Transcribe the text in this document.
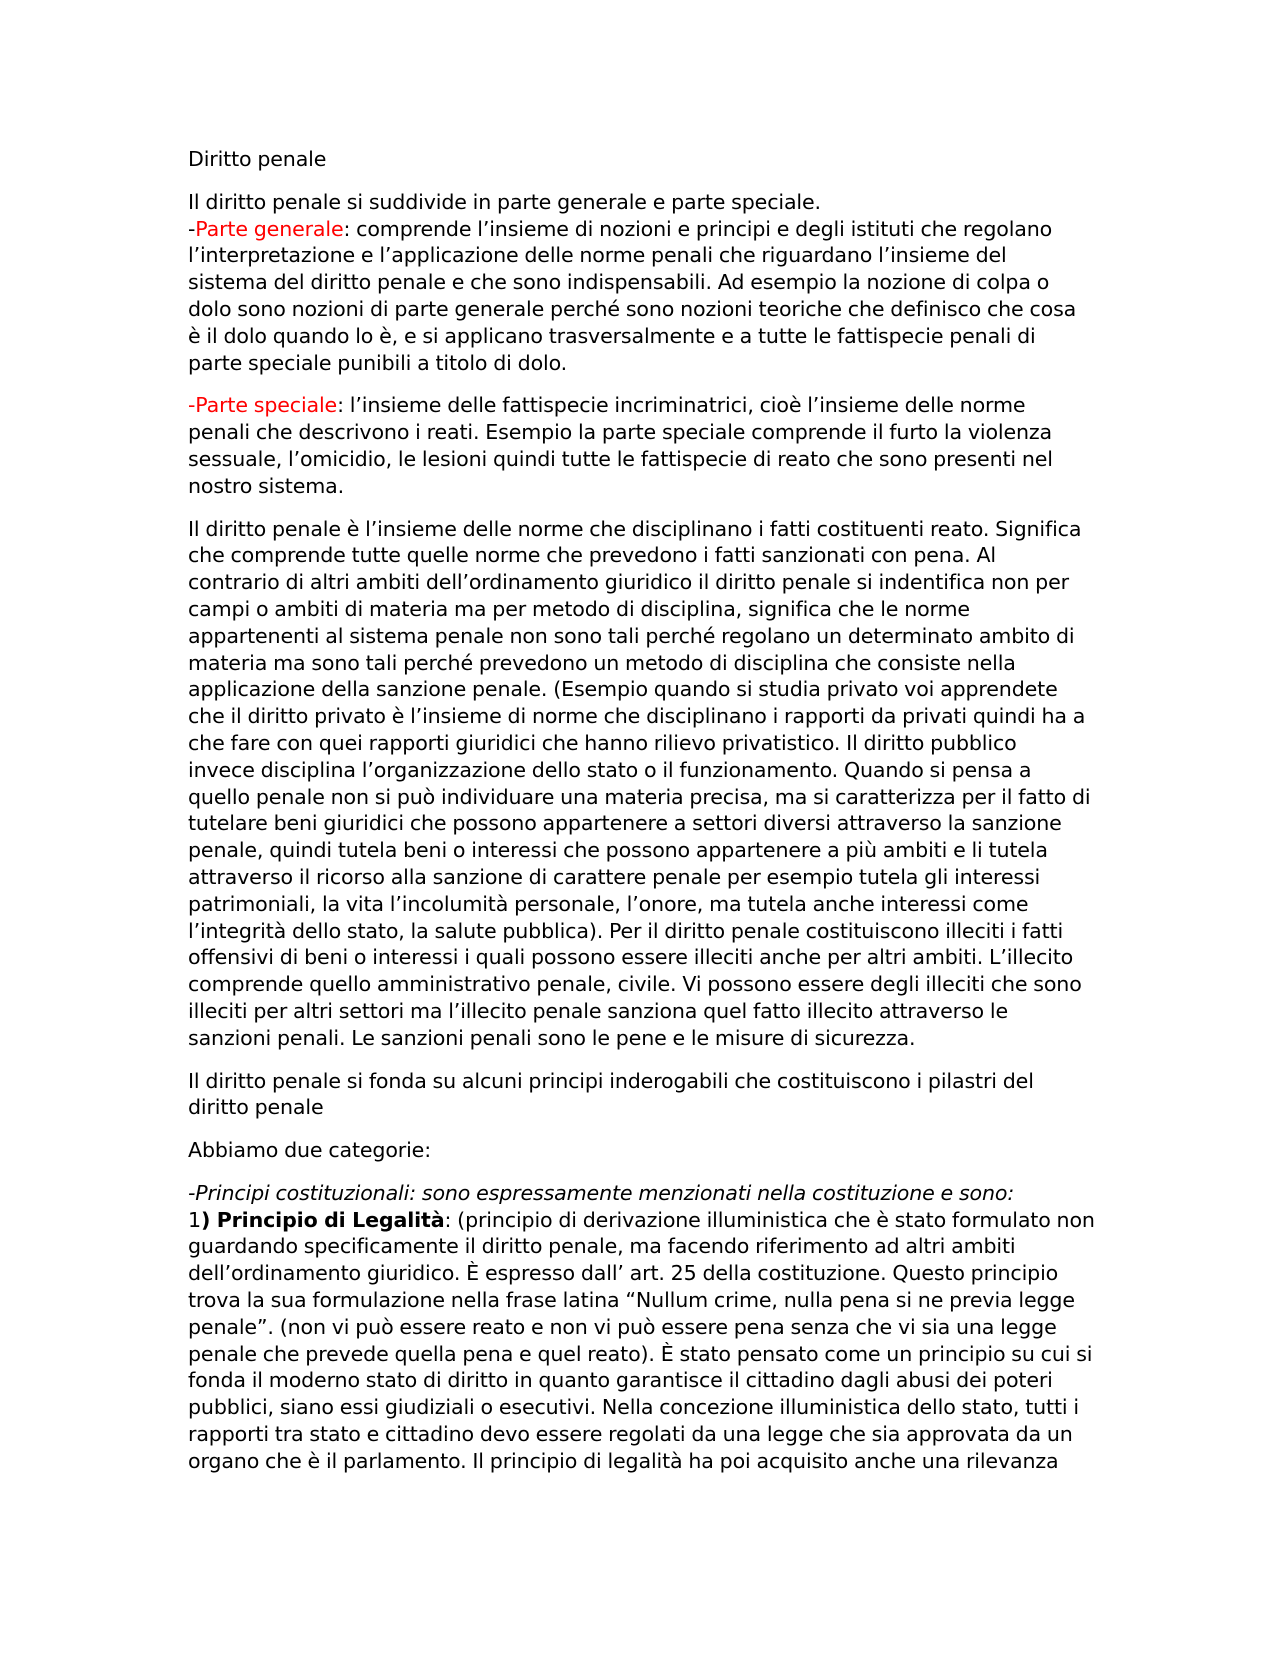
Diritto penale

Il diritto penale si suddivide in parte generale e parte speciale.
-Parte generale: comprende l’insieme di nozioni e principi e degli istituti che regolano
l’interpretazione e l’applicazione delle norme penali che riguardano l’insieme del
sistema del diritto penale e che sono indispensabili. Ad esempio la nozione di colpa o
dolo sono nozioni di parte generale perché sono nozioni teoriche che definisco che cosa
è il dolo quando lo è, e si applicano trasversalmente e a tutte le fattispecie penali di
parte speciale punibili a titolo di dolo.

-Parte speciale: l’insieme delle fattispecie incriminatrici, cioè l’insieme delle norme
penali che descrivono i reati. Esempio la parte speciale comprende il furto la violenza
sessuale, l’omicidio, le lesioni quindi tutte le fattispecie di reato che sono presenti nel
nostro sistema.

Il diritto penale è l’insieme delle norme che disciplinano i fatti costituenti reato. Significa
che comprende tutte quelle norme che prevedono i fatti sanzionati con pena. Al
contrario di altri ambiti dell’ordinamento giuridico il diritto penale si indentifica non per
campi o ambiti di materia ma per metodo di disciplina, significa che le norme
appartenenti al sistema penale non sono tali perché regolano un determinato ambito di
materia ma sono tali perché prevedono un metodo di disciplina che consiste nella
applicazione della sanzione penale. (Esempio quando si studia privato voi apprendete
che il diritto privato è l’insieme di norme che disciplinano i rapporti da privati quindi ha a
che fare con quei rapporti giuridici che hanno rilievo privatistico. Il diritto pubblico
invece disciplina l’organizzazione dello stato o il funzionamento. Quando si pensa a
quello penale non si può individuare una materia precisa, ma si caratterizza per il fatto di
tutelare beni giuridici che possono appartenere a settori diversi attraverso la sanzione
penale, quindi tutela beni o interessi che possono appartenere a più ambiti e li tutela
attraverso il ricorso alla sanzione di carattere penale per esempio tutela gli interessi
patrimoniali, la vita l’incolumità personale, l’onore, ma tutela anche interessi come
l’integrità dello stato, la salute pubblica). Per il diritto penale costituiscono illeciti i fatti
offensivi di beni o interessi i quali possono essere illeciti anche per altri ambiti. L’illecito
comprende quello amministrativo penale, civile. Vi possono essere degli illeciti che sono
illeciti per altri settori ma l’illecito penale sanziona quel fatto illecito attraverso le
sanzioni penali. Le sanzioni penali sono le pene e le misure di sicurezza.

Il diritto penale si fonda su alcuni principi inderogabili che costituiscono i pilastri del
diritto penale

Abbiamo due categorie:

-Principi costituzionali: sono espressamente menzionati nella costituzione e sono:
1) Principio di Legalità: (principio di derivazione illuministica che è stato formulato non
guardando specificamente il diritto penale, ma facendo riferimento ad altri ambiti
dell’ordinamento giuridico. È espresso dall’ art. 25 della costituzione. Questo principio
trova la sua formulazione nella frase latina “Nullum crime, nulla pena si ne previa legge
penale”. (non vi può essere reato e non vi può essere pena senza che vi sia una legge
penale che prevede quella pena e quel reato). È stato pensato come un principio su cui si
fonda il moderno stato di diritto in quanto garantisce il cittadino dagli abusi dei poteri
pubblici, siano essi giudiziali o esecutivi. Nella concezione illuministica dello stato, tutti i
rapporti tra stato e cittadino devo essere regolati da una legge che sia approvata da un
organo che è il parlamento. Il principio di legalità ha poi acquisito anche una rilevanza
